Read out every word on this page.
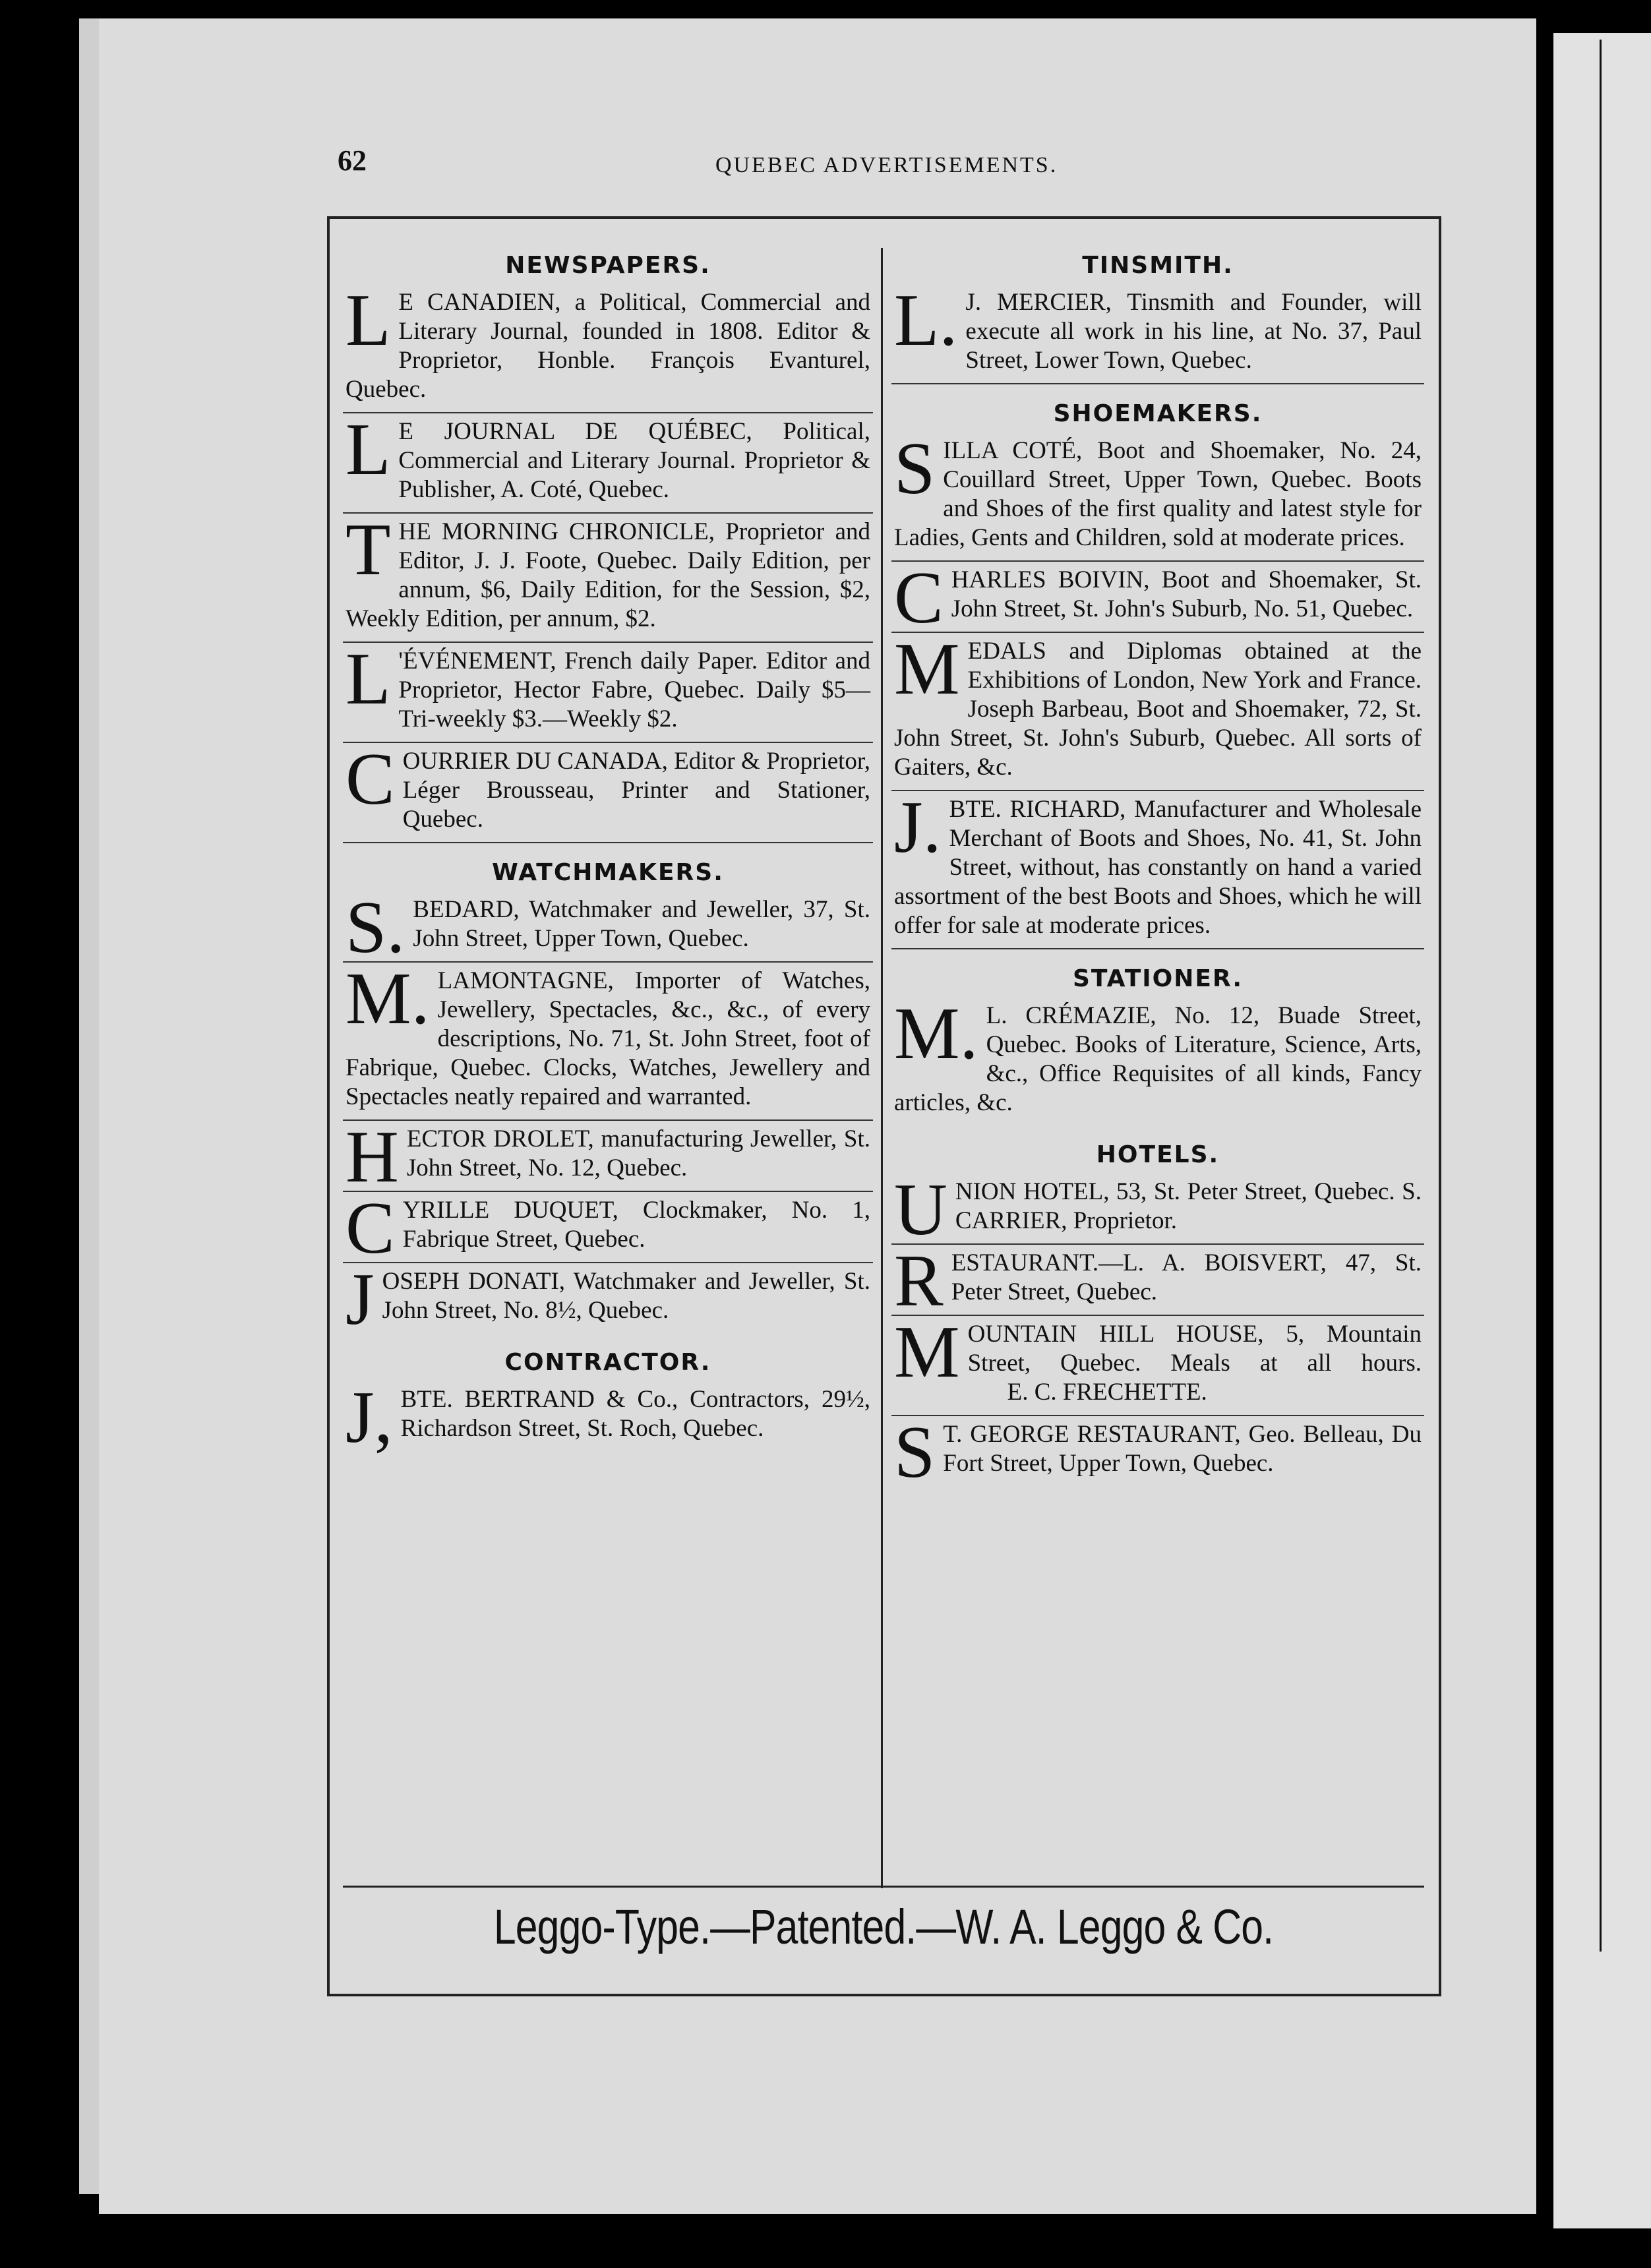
62	QUEBEC ADVERTISEMENTS.
NEWSPAPERS.
L E CANADIEN, a Political, Commercial and Literary Journal, founded in 1808. Editor & Proprietor, Honble. François Evanturel, Quebec.
L E JOURNAL DE QUÉBEC, Political, Commercial and Literary Journal. Proprietor & Publisher, A. Coté, Quebec.
T HE MORNING CHRONICLE, Proprietor and Editor, J. J. Foote, Quebec. Daily Edition, per annum, $6, Daily Edition, for the Session, $2, Weekly Edition, per annum, $2.
L 'ÉVÉNEMENT, French daily Paper. Editor and Proprietor, Hector Fabre, Quebec. Daily $5—Tri-weekly $3.—Weekly $2.
C OURRIER DU CANADA, Editor & Proprietor, Léger Brousseau, Printer and Stationer, Quebec.
WATCHMAKERS.
S. BEDARD, Watchmaker and Jeweller, 37, St. John Street, Upper Town, Quebec.
M. LAMONTAGNE, Importer of Watches, Jewellery, Spectacles, &c., &c., of every descriptions, No. 71, St. John Street, foot of Fabrique, Quebec. Clocks, Watches, Jewellery and Spectacles neatly repaired and warranted.
H ECTOR DROLET, manufacturing Jeweller, St. John Street, No. 12, Quebec.
C YRILLE DUQUET, Clockmaker, No. 1, Fabrique Street, Quebec.
J OSEPH DONATI, Watchmaker and Jeweller, St. John Street, No. 8½, Quebec.
CONTRACTOR.
J, BTE. BERTRAND & Co., Contractors, 29½, Richardson Street, St. Roch, Quebec.
TINSMITH.
L. J. MERCIER, Tinsmith and Founder, will execute all work in his line, at No. 37, Paul Street, Lower Town, Quebec.
SHOEMAKERS.
S ILLA COTÉ, Boot and Shoemaker, No. 24, Couillard Street, Upper Town, Quebec. Boots and Shoes of the first quality and latest style for Ladies, Gents and Children, sold at moderate prices.
C HARLES BOIVIN, Boot and Shoemaker, St. John Street, St. John's Suburb, No. 51, Quebec.
M EDALS and Diplomas obtained at the Exhibitions of London, New York and France. Joseph Barbeau, Boot and Shoemaker, 72, St. John Street, St. John's Suburb, Quebec. All sorts of Gaiters, &c.
J. BTE. RICHARD, Manufacturer and Wholesale Merchant of Boots and Shoes, No. 41, St. John Street, without, has constantly on hand a varied assortment of the best Boots and Shoes, which he will offer for sale at moderate prices.
STATIONER.
M. L. CRÉMAZIE, No. 12, Buade Street, Quebec. Books of Literature, Science, Arts, &c., Office Requisites of all kinds, Fancy articles, &c.
HOTELS.
U NION HOTEL, 53, St. Peter Street, Quebec. S. CARRIER, Proprietor.
R ESTAURANT.—L. A. BOISVERT, 47, St. Peter Street, Quebec.
M OUNTAIN HILL HOUSE, 5, Mountain Street, Quebec. Meals at all hours. E. C. FRECHETTE.
S T. GEORGE RESTAURANT, Geo. Belleau, Du Fort Street, Upper Town, Quebec.
Leggo-Type.—Patented.—W. A. Leggo & Co.
